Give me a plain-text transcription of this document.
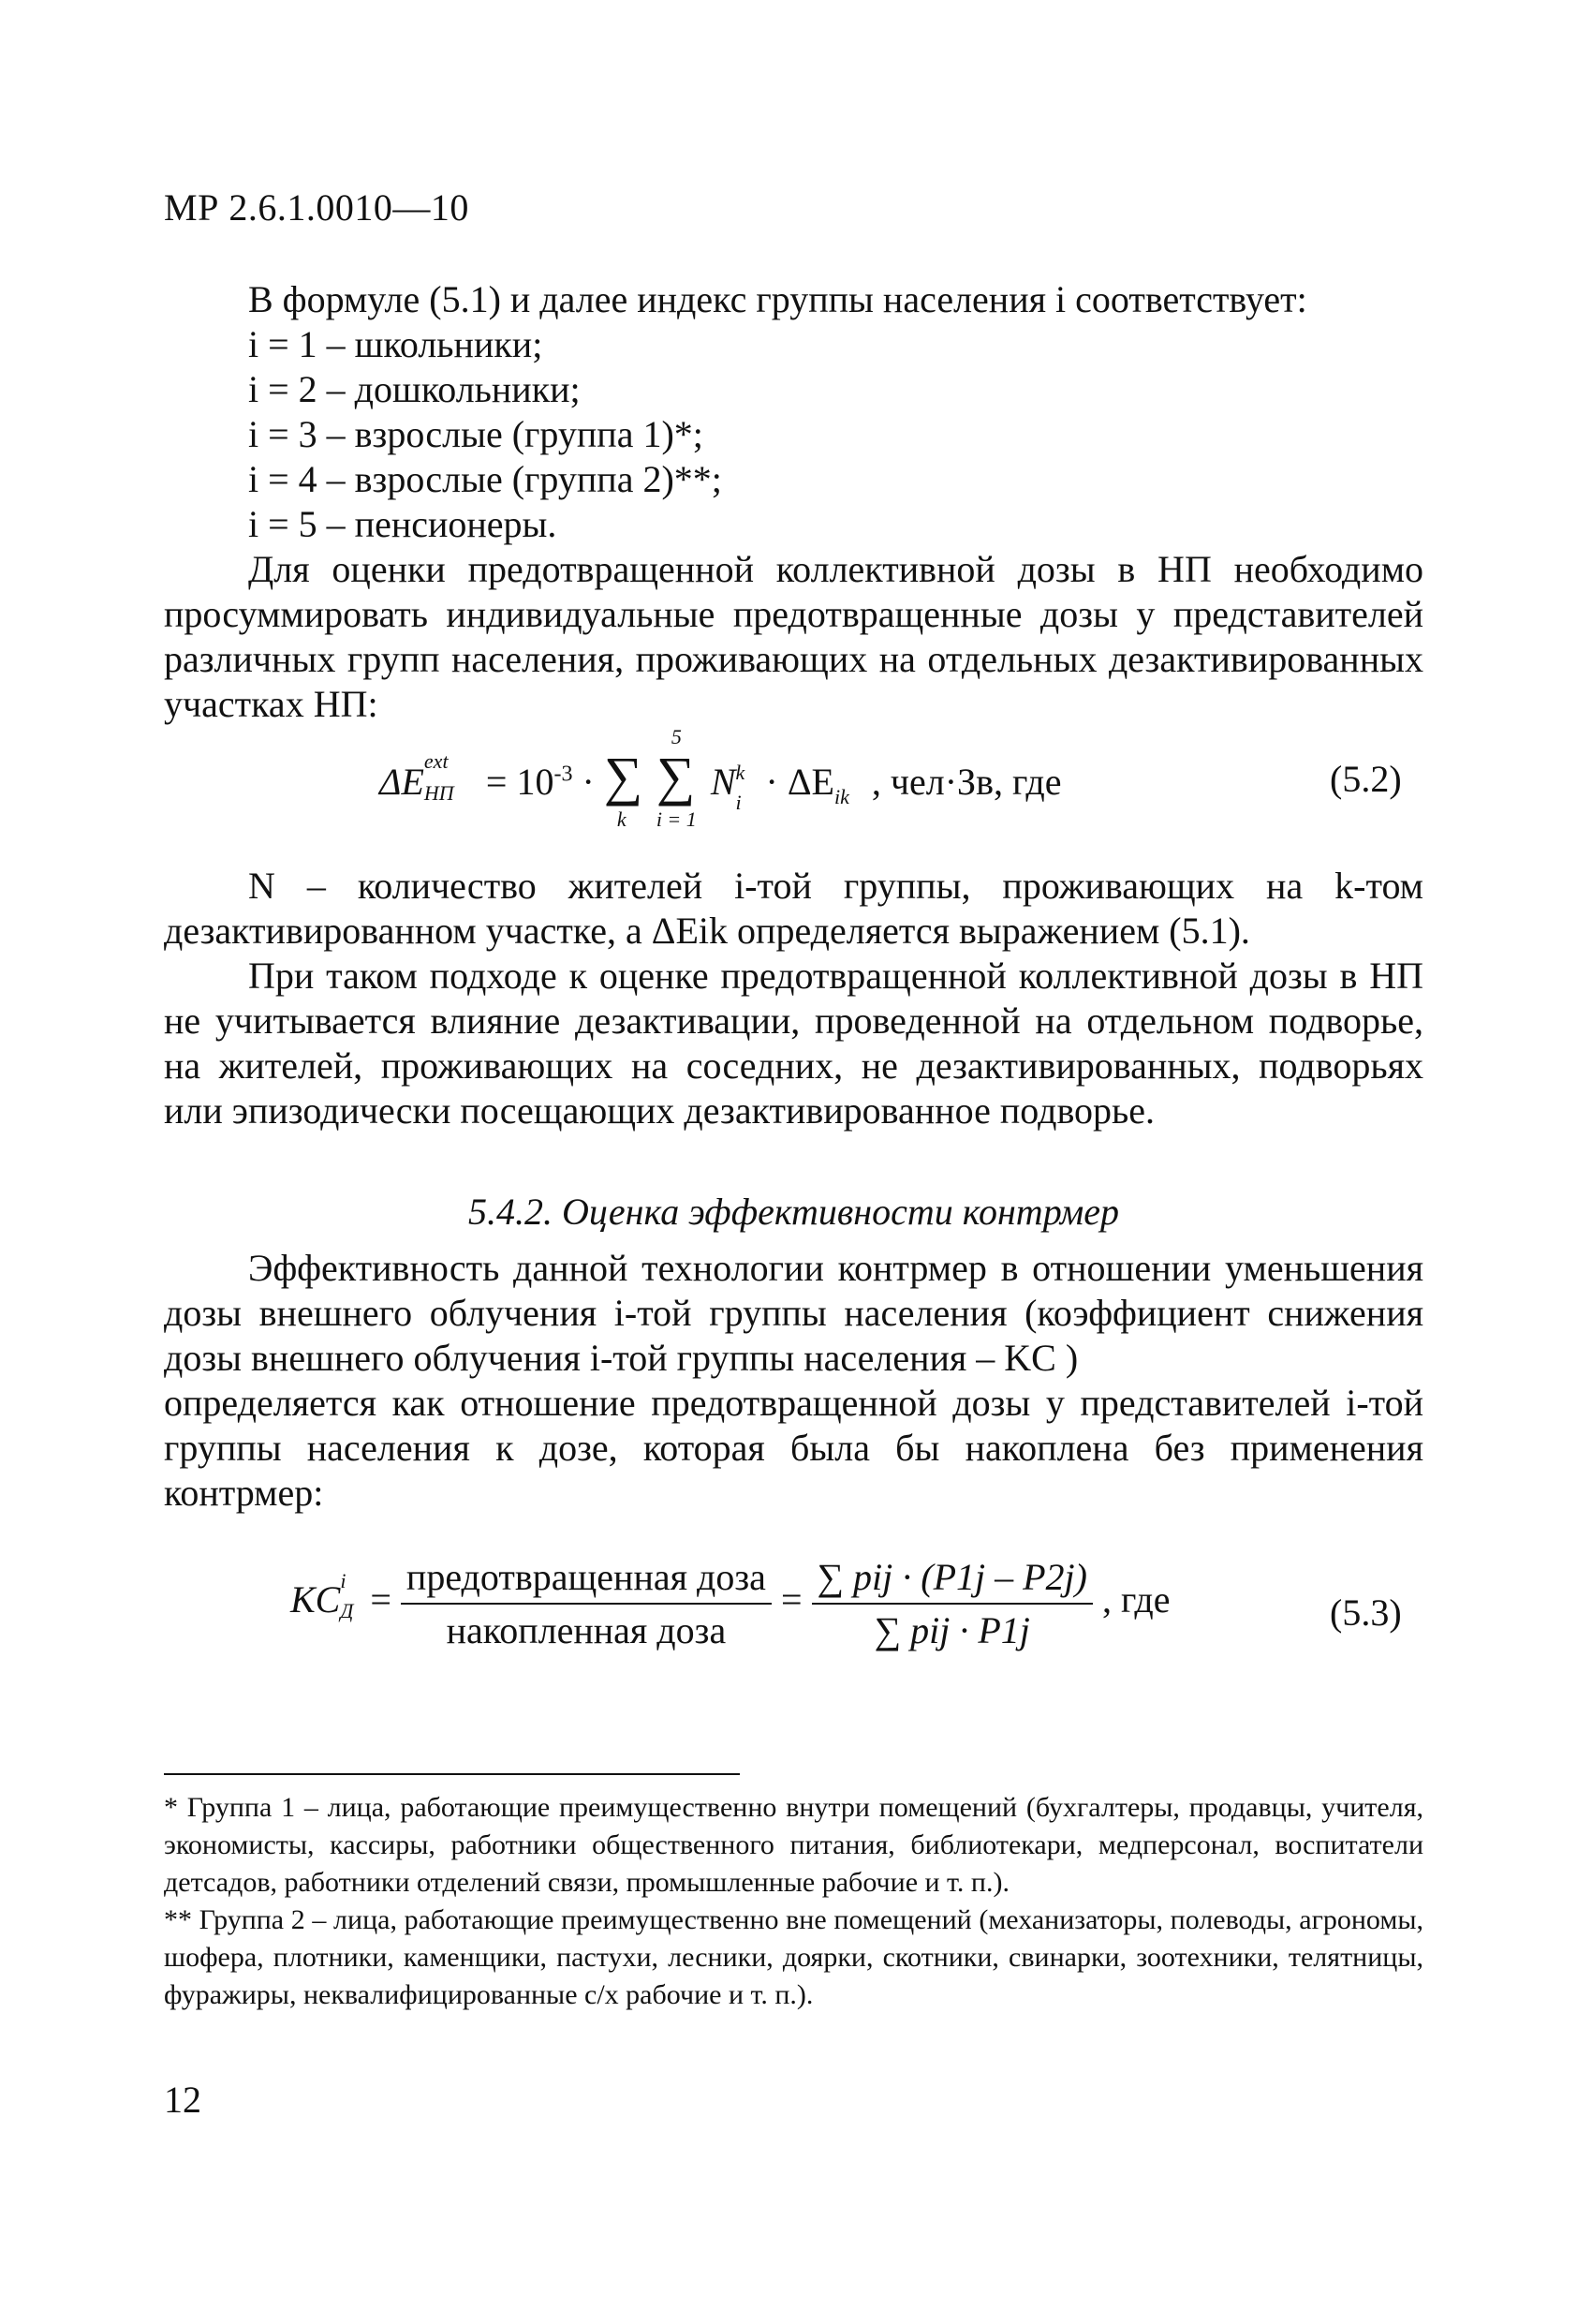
МР 2.6.1.0010—10

В формуле (5.1) и далее индекс группы населения i соответствует:

i = 1 – школьники;
i = 2 – дошкольники;
i = 3 – взрослые (группа 1)*;
i = 4 – взрослые (группа 2)**;
i = 5 – пенсионеры.

Для оценки предотвращенной коллективной дозы в НП необходимо просуммировать индивидуальные предотвращенные дозы у представителей различных групп населения, проживающих на отдельных дезактивированных участках НП:

ΔE ext
НП = $10^{-3}$ · ∑
k

5
∑
i = 1
N k
$i \cdot \Delta E_{ik}$ , чел·Зв, где	(5.2)

N – количество жителей i-той группы, проживающих на k-том дезактивированном участке, а ΔEik определяется выражением (5.1).

При таком подходе к оценке предотвращенной коллективной дозы в НП не учитывается влияние дезактивации, проведенной на отдельном подворье, на жителей, проживающих на соседних, не дезактивированных, подворьях или эпизодически посещающих дезактивированное подворье.

5.4.2. Оценка эффективности контрмер

Эффективность данной технологии контрмер в отношении уменьшения дозы внешнего облучения i-той группы населения (коэффициент снижения дозы внешнего облучения i-той группы населения – KC )

определяется как отношение предотвращенной дозы у представителей i-той группы населения к дозе, которая была бы накоплена без применения контрмер:

KC i
$Д = \frac{\text{предотвращенная доза}}{\text{накопленная доза}} = \frac{\text{∑ pij · (P1j – P2j)}}{\text{∑ pij · P1j}}$ , где	(5.3)

* Группа 1 – лица, работающие преимущественно внутри помещений (бухгалтеры, продавцы, учителя, экономисты, кассиры, работники общественного питания, библиотекари, медперсонал, воспитатели детсадов, работники отделений связи, промышленные рабочие и т. п.).

** Группа 2 – лица, работающие преимущественно вне помещений (механизаторы, полеводы, агрономы, шофера, плотники, каменщики, пастухи, лесники, доярки, скотники, свинарки, зоотехники, телятницы, фуражиры, неквалифицированные с/х рабочие и т. п.).

12
